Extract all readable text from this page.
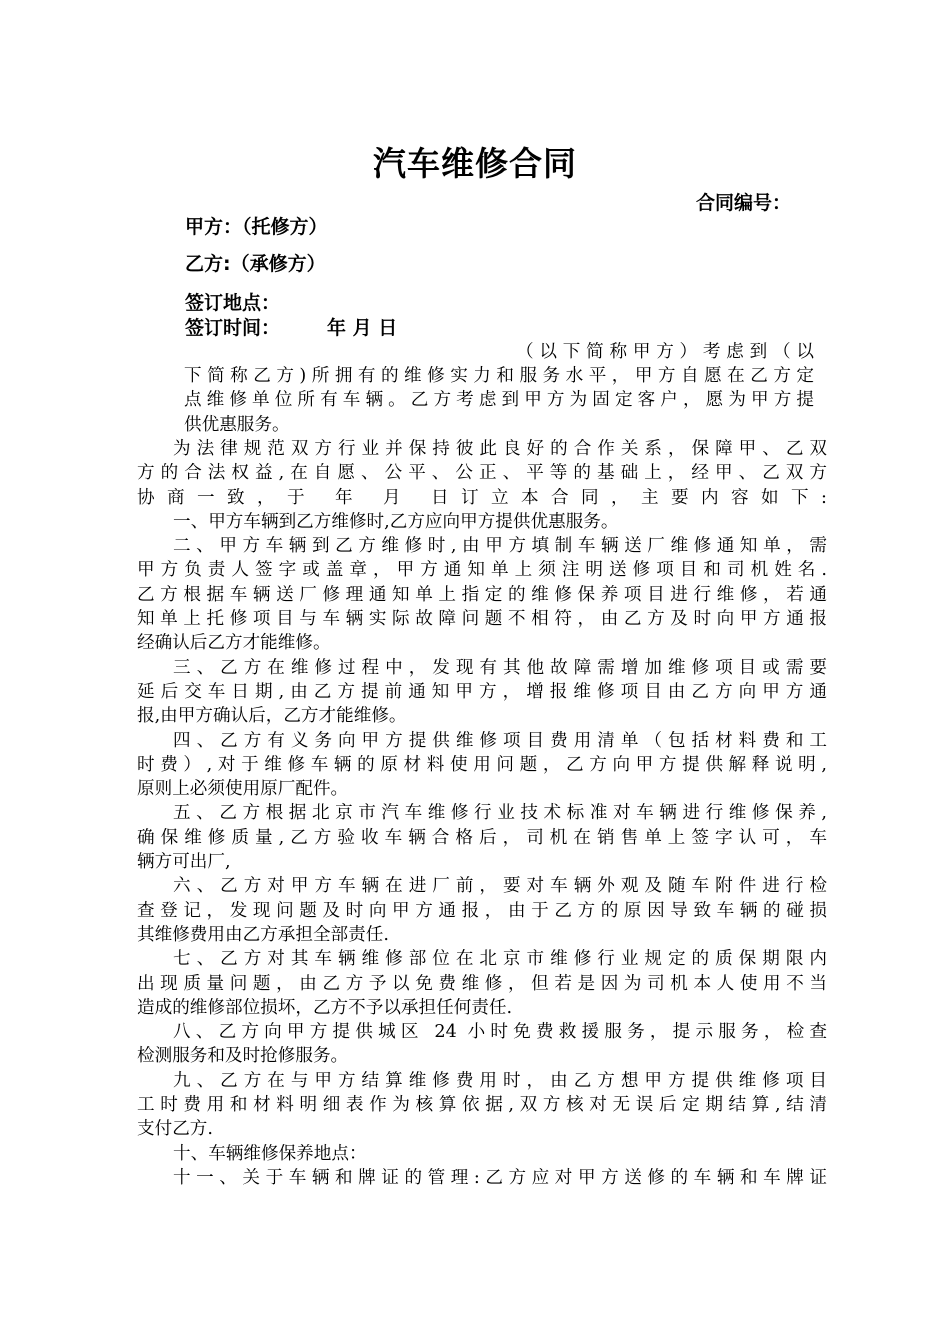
汽车维修合同
合同编号：
甲方：（托修方）
乙方:（承修方）
签订地点：
签订时间： 年 月 日
（以下简称甲方）考虑到（以
下简称乙方)所拥有的维修实力和服务水平，甲方自愿在乙方定
点维修单位所有车辆。乙方考虑到甲方为固定客户，愿为甲方提
供优惠服务。
为法律规范双方行业并保持彼此良好的合作关系，保障甲、乙双
方的合法权益,在自愿、公平、公正、平等的基础上，经甲、乙双方
协商一致，于 年 月 日订立本合同，主要内容如下:
一、甲方车辆到乙方维修时,乙方应向甲方提供优惠服务。
二、甲方车辆到乙方维修时,由甲方填制车辆送厂维修通知单，需
甲方负责人签字或盖章，甲方通知单上须注明送修项目和司机姓名.
乙方根据车辆送厂修理通知单上指定的维修保养项目进行维修，若通
知单上托修项目与车辆实际故障问题不相符，由乙方及时向甲方通报
经确认后乙方才能维修。
三、乙方在维修过程中，发现有其他故障需增加维修项目或需要
延后交车日期,由乙方提前通知甲方，增报维修项目由乙方向甲方通
报,由甲方确认后，乙方才能维修。
四、乙方有义务向甲方提供维修项目费用清单（包括材料费和工
时费）,对于维修车辆的原材料使用问题，乙方向甲方提供解释说明,
原则上必须使用原厂配件。
五、乙方根据北京市汽车维修行业技术标准对车辆进行维修保养,
确保维修质量,乙方验收车辆合格后，司机在销售单上签字认可，车
辆方可出厂,
六、乙方对甲方车辆在进厂前，要对车辆外观及随车附件进行检
查登记，发现问题及时向甲方通报，由于乙方的原因导致车辆的碰损
其维修费用由乙方承担全部责任.
七、乙方对其车辆维修部位在北京市维修行业规定的质保期限内
出现质量问题，由乙方予以免费维修，但若是因为司机本人使用不当
造成的维修部位损坏，乙方不予以承担任何责任.
八、乙方向甲方提供城区 24 小时免费救援服务，提示服务，检查
检测服务和及时抢修服务。
九、乙方在与甲方结算维修费用时，由乙方想甲方提供维修项目
工时费用和材料明细表作为核算依据,双方核对无误后定期结算,结清
支付乙方.
十、车辆维修保养地点：
十一、关于车辆和牌证的管理:乙方应对甲方送修的车辆和车牌证
